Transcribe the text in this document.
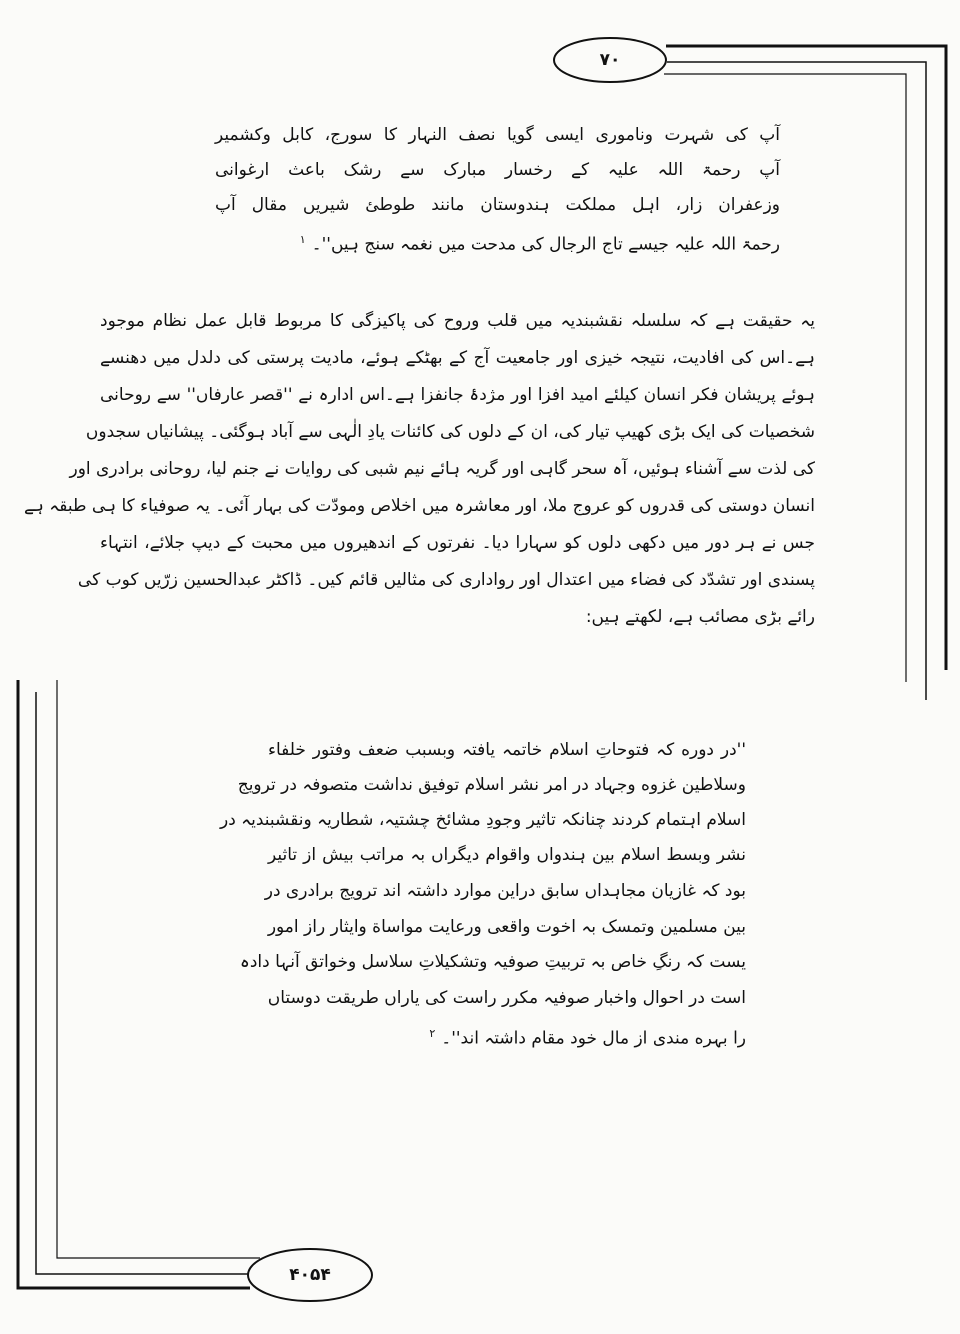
٧٠
۴۰۵۴
آپ کی شہرت وناموری ایسی گویا نصف النہار کا سورج، کابل وکشمیر
آپ رحمۃ اللہ علیہ کے رخسار مبارک سے رشک باعث ارغوانی
وزعفران زار، اہل مملکت ہندوستان مانند طوطئ شیریں مقال آپ
رحمۃ اللہ علیہ جیسے تاج الرجال کی مدحت میں نغمہ سنج ہیں''۔$^۱$
یہ حقیقت ہے کہ سلسلہ نقشبندیہ میں قلب وروح کی پاکیزگی کا مربوط قابل عمل نظام موجود
ہے۔اس کی افادیت، نتیجہ خیزی اور جامعیت آج کے بھٹکے ہوئے، مادیت پرستی کی دلدل میں دھنسے
ہوئے پریشان فکر انسان کیلئے امید افزا اور مژدۂ جانفزا ہے۔اس ادارہ نے ''قصر عارفاں'' سے روحانی
شخصیات کی ایک بڑی کھیپ تیار کی، ان کے دلوں کی کائنات یادِ الٰہی سے آباد ہوگئی۔ پیشانیاں سجدوں
کی لذت سے آشناء ہوئیں، آہ سحر گاہی اور گریہ ہائے نیم شبی کی روایات نے جنم لیا، روحانی برادری اور
انسان دوستی کی قدروں کو عروج ملا، اور معاشرہ میں اخلاص ومودّت کی بہار آئی۔ یہ صوفیاء کا ہی طبقہ ہے
جس نے ہر دور میں دکھی دلوں کو سہارا دیا۔ نفرتوں کے اندھیروں میں محبت کے دیپ جلائے، انتہاء
پسندی اور تشدّد کی فضاء میں اعتدال اور رواداری کی مثالیں قائم کیں۔ ڈاکٹر عبدالحسین زرّیں کوب کی
رائے بڑی مصائب ہے، لکھتے ہیں:
''در دوره کہ فتوحاتِ اسلام خاتمہ یافتہ وبسبب ضعف وفتور خلفاء
وسلاطین غزوه وجہاد در امر نشر اسلام توفیق نداشت متصوفہ در ترویج
اسلام اہتمام کردند چنانکہ تاثیر وجودِ مشائخ چشتیہ، شطاریہ ونقشبندیہ در
نشر وبسط اسلام بین ہندواں واقوام دیگراں بہ مراتب بیش از تاثیر
بود کہ غازیان مجاہداں سابق دراین موارد داشتہ اند ترویج برادری در
بین مسلمین وتمسک بہ اخوت واقعی ورعایت مواساة وایثار راز امور
یست کہ رنگِ خاص بہ تربیتِ صوفیہ وتشکیلاتِ سلاسل وخواتق آنہا دادہ
است در احوال واخبار صوفیہ مکرر راست کی یاراں طریقت دوستاں
را بہره مندی از مال خود مقام داشتہ اند''۔$^۲$
